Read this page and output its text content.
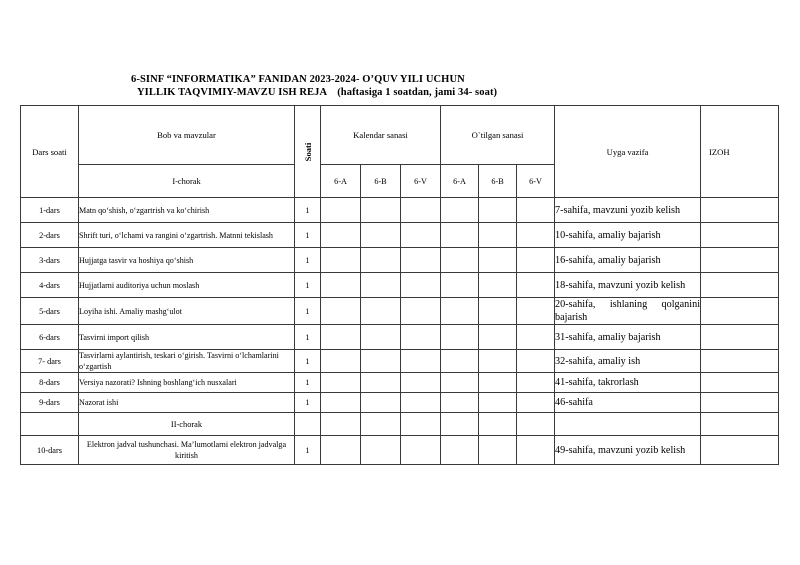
6-SINF “INFORMATIKA” FANIDAN 2023-2024- O’QUV YILI UCHUN
YILLIK TAQVIMIY-MAVZU ISH REJA (haftasiga 1 soatdan, jami 34- soat)
Dars soati	Bob va mavzular	Soati	Kalendar sanasi			O`tilgan sanasi			Uyga vazifa	IZOH
	I-chorak		6-A	6-B	6-V	6-A	6-B	6-V		
1-dars	Matn qo‘shish, o‘zgartrish va ko‘chirish	1							7-sahifa, mavzuni yozib kelish	
2-dars	Shrift turi, o‘lchami va rangini o‘zgartrish. Matnni tekislash	1							10-sahifa, amaliy bajarish	
3-dars	Hujjatga tasvir va hoshiya qo‘shish	1							16-sahifa, amaliy bajarish	
4-dars	Hujjatlarni auditoriya uchun moslash	1							18-sahifa, mavzuni yozib kelish	
5-dars	Loyiha ishi. Amaliy mashg‘ulot	1							20-sahifa, ishlaning qolganini bajarish	
6-dars	Tasvirni import qilish	1							31-sahifa, amaliy bajarish	
7- dars	Tasvirlarni aylantirish, teskari o‘girish. Tasvirni o‘lchamlarini o‘zgartish	1							32-sahifa, amaliy ish	
8-dars	Versiya nazorati? Ishning boshlang‘ich nusxalari	1							41-sahifa, takrorlash	
9-dars	Nazorat ishi	1							46-sahifa	
	II-chorak									
10-dars	Elektron jadval tushunchasi. Ma’lumotlarni elektron jadvalga kiritish	1							49-sahifa, mavzuni yozib kelish	
